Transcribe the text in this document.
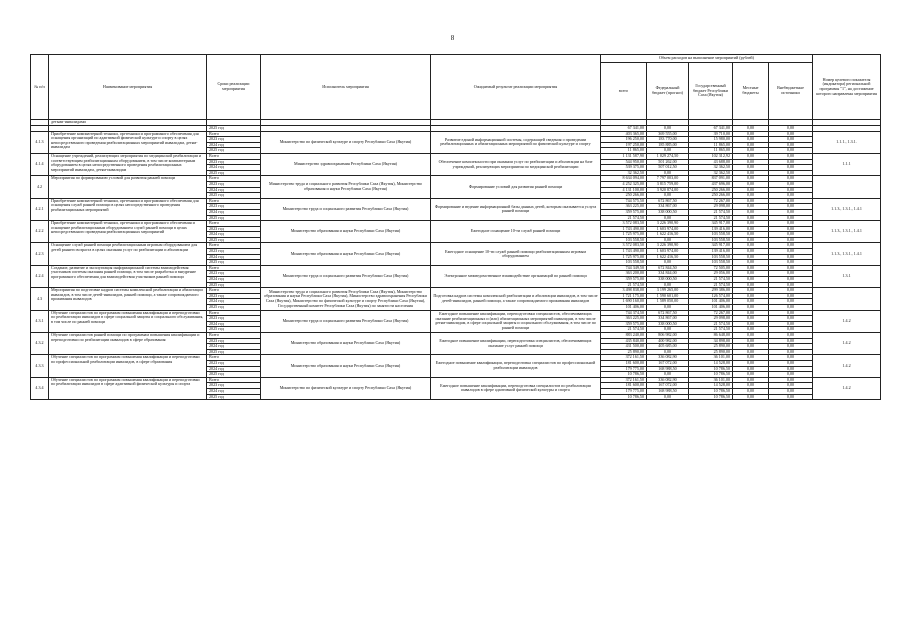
8
№ п/п	Наименование мероприятия	Сроки реализации мероприятия	Исполнитель мероприятия	Ожидаемый результат реализации мероприятия	Объем расходов на выполнение мероприятий (рублей)					Номер целевого показателя (индикатора) региональной программы "1", на достижение которого направлены мероприятия
					всего	Федеральный бюджет (прогноз)	Государственный бюджет Республики Саха (Якутия)	Местные бюджеты	Внебюджетные источники	
	детьми-инвалидами									
		2025 год			67 341,00	0,00	67 341,00	0,00	0,00	
4.1.3	Приобретение компьютерной техники, оргтехники и программного обеспечения для оснащения организаций по адаптивной физической культуре и спорту в целях непосредственного проведения реабилитационных мероприятий инвалидам, детям-инвалидам	Всего	Министерство по физической культуре и спорту Республики Саха (Якутия)	Развитие единой информационной системы, содержащей сведения о проведении реабилитационных и абилитационных мероприятий по физической культуре и спорту	403 365,00	369 555,00	39 710,00	0,00	0,00	1.1.1., 1.3.1.
		2023 год			196 250,00	183 770,00	15 980,00	0,00	0,00	
		2024 год			197 250,00	185 885,00	11 865,00	0,00	0,00	
		2025 год			11 865,00	0,00	11 865,00	0,00	0,00	
4.1.4	Оснащение учреждений, реализующих мероприятия по медицинской реабилитации и соответствующим реабилитационным оборудованием, в том числе компьютерным оборудованием в целях непосредственного проведения реабилитационных мероприятий инвалидам, детям-инвалидам	Всего	Министерство здравоохранения Республики Саха (Якутия)	Обеспечение комплексности при оказании услуг по реабилитации и абилитации на базе учреждений, реализующих мероприятия по медицинской реабилитации	1 131 587,90	1 029 274,50	102 312,92	0,00	0,00	1.1.1
		2023 год			544 950,00	501 262,00	43 688,00	0,00	0,00	
		2024 год			539 375,00	507 012,50	32 362,50	0,00	0,00	
		2025 год			32 362,50	0,00	32 362,50	0,00	0,00	
4.2	Мероприятия по формированию условий для развития ранней помощи	Всего	Министерство труда и социального развития Республики Саха (Якутия), Министерство образования и науки Республики Саха (Якутия)	Формирование условий для развития ранней помощи	8 634 094,00	7 797 003,00	837 091,00	0,00	0,00	
		2023 год			4 252 325,00	3 815 759,00	437 696,00	0,00	0,00	
		2024 год			4 131 100,00	3 920 874,00	250 266,00	0,00	0,00	
		2025 год			250 266,00	0,00	250 266,00	0,00	0,00	
4.2.1	Приобретение компьютерной техники, оргтехники и программного обеспечения для оснащения служб ранней помощи в целях непосредственного проведения реабилитационных мероприятий	Всего	Министерство труда и социального развития Республики Саха (Якутия)	Формирование и ведение информационной базы данных детей, которым оказывается услуга ранней помощи	744 575,50	672 867,50	72 267,00	0,00	0,00	1.1.3., 1.3.1., 1.4.1
		2023 год			363 225,00	334 867,00	29 098,00	0,00	0,00	
		2024 год			359 575,00	338 000,50	21 574,50	0,00	0,00	
		2025 год			21 574,50	0,00	21 574,50	0,00	0,00	
4.2.2	Приобретение компьютерной техники, оргтехники и программного обеспечения и оснащение реабилитационным оборудованием служб ранней помощи в целях непосредственного проведения реабилитационных мероприятий	Всего	Министерство образования и науки Республики Саха (Якутия)	Ежегодное оснащение 10-ти служб ранней помощи	3 572 083,50	3 226 390,90	345 917,00	0,00	0,00	1.1.3., 1.3.1., 1.4.1
		2023 год			1 743 490,00	1 603 974,00	139 416,00	0,00	0,00	
		2024 год			1 725 975,00	1 622 416,50	103 558,50	0,00	0,00	
		2025 год			103 558,50	0,00	103 558,50	0,00	0,00	
4.2.3	Оснащение служб ранней помощи реабилитационным игровым оборудованием для детей раннего возраста в целях оказания услуг по реабилитации и абилитации	Всего	Министерство образования и науки Республики Саха (Якутия)	Ежегодное оснащение 10-ти служб ранней помощи реабилитационным игровым оборудованием	3 572 083,50	3 226 390,90	345 917,00	0,00	0,00	1.1.3., 1.3.1., 1.4.1
		2023 год			1 743 490,00	1 603 974,00	139 416,00	0,00	0,00	
		2024 год			1 725 975,00	1 622 416,50	103 558,50	0,00	0,00	
		2025 год			103 558,50	0,00	103 558,50	0,00	0,00	
4.2.4	Создание, развитие и эксплуатация информационной системы взаимодействия участников системы оказания ранней помощи, в том числе разработка и внедрение программного обеспечения для взаимодействия участников ранней помощи	Всего	Министерство труда и социального развития Республики Саха (Якутия)	Электронное межведомственное взаимодействие организаций по ранней помощи	744 349,50	672 844,50	72 505,00	0,00	0,00	1.3.1
		2023 год			363 200,00	334 844,00	29 056,00	0,00	0,00	
		2024 год			359 575,00	338 000,50	21 574,50	0,00	0,00	
		2025 год			21 574,50	0,00	21 574,50	0,00	0,00	
4.3	Мероприятия по подготовке кадров системы комплексной реабилитации и абилитации инвалидов, в том числе детей-инвалидов, ранней помощи, а также сопровождаемого проживания инвалидов	Всего	Министерство труда и социального развития Республики Саха (Якутия), Министерство образования и науки Республики Саха (Якутия), Министерство здравоохранения Республики Саха (Якутия), Министерство по физической культуре и спорту Республики Саха (Якутия), Государственный комитет Республики Саха (Якутия) по занятости населения	Подготовка кадров системы комплексной реабилитации и абилитации инвалидов, в том числе детей-инвалидов, ранней помощи, а также сопровождаемого проживания инвалидов	3 498 838,00	3 199 265,00	299 386,00	0,00	0,00	
		2023 год			1 721 175,00	1 590 601,00	126 574,00	0,00	0,00	
		2024 год			1 690 160,00	1 589 050,00	101 406,00	0,00	0,00	
		2025 год			101 406,00	0,00	101 406,00	0,00	0,00	
4.3.1	Обучение специалистов по программам повышения квалификации и переподготовки по реабилитации инвалидов в сфере социальной защиты и социального обслуживания, в том числе по ранней помощи	Всего	Министерство труда и социального развития Республики Саха (Якутия)	Ежегодное повышение квалификации, переподготовки специалистов, обеспечивающих оказание реабилитационных и (или) абилитационных мероприятий инвалидам, в том числе детям-инвалидам, в сфере социальной защиты и социального обслуживания, в том числе по ранней помощи	744 374,50	672 867,50	72 267,00	0,00	0,00	1.4.2
		2023 год			363 225,00	334 867,00	29 098,00	0,00	0,00	
		2024 год			359 575,00	338 000,50	21 574,50	0,00	0,00	
		2025 год			21 574,50	0,00	21 574,50	0,00	0,00	
4.3.2	Обучение специалистов ранней помощи по программам повышения квалификации и переподготовки по реабилитации инвалидов в сфере образования	Всего	Министерство образования и науки Республики Саха (Якутия)	Ежегодное повышение квалификации, переподготовка специалистов, обеспечивающих оказание услуг ранней помощи	883 240,00	806 982,00	86 648,00	0,00	0,00	1.4.2
		2023 год			435 840,00	400 982,00	34 898,00	0,00	0,00	
		2024 год			431 500,00	405 685,00	25 890,00	0,00	0,00	
		2025 год			25 890,00	0,00	25 890,00	0,00	0,00	
4.3.3	Обучение специалистов по программам повышения квалификации и переподготовки по профессиональной реабилитации инвалидов, в сфере образования	Всего	Министерство образования и науки Республики Саха (Якутия)	Ежегодное повышение квалификации, переподготовка специалистов по профессиональной реабилитации инвалидов	372 161,50	336 082,90	36 101,00	0,00	0,00	1.4.2
		2023 год			181 600,00	167 072,00	14 528,00	0,00	0,00	
		2024 год			179 775,00	168 988,50	10 786,50	0,00	0,00	
		2025 год			10 786,50	0,00	10 786,50	0,00	0,00	
4.3.4	Обучение специалистов по программам повышения квалификации и переподготовки по реабилитации инвалидов в сфере адаптивной физической культуры и спорта	Всего	Министерство по физической культуре и спорту Республики Саха (Якутия)	Ежегодное повышение квалификации, переподготовка специалистов по реабилитации инвалидов в сфере адаптивной физической культуры и спорта	372 161,50	336 082,90	36 101,00	0,00	0,00	1.4.2
		2023 год			181 600,00	167 072,00	14 528,00	0,00	0,00	
		2024 год			179 775,00	168 988,50	10 786,50	0,00	0,00	
		2025 год			10 786,50	0,00	10 786,50	0,00	0,00	
